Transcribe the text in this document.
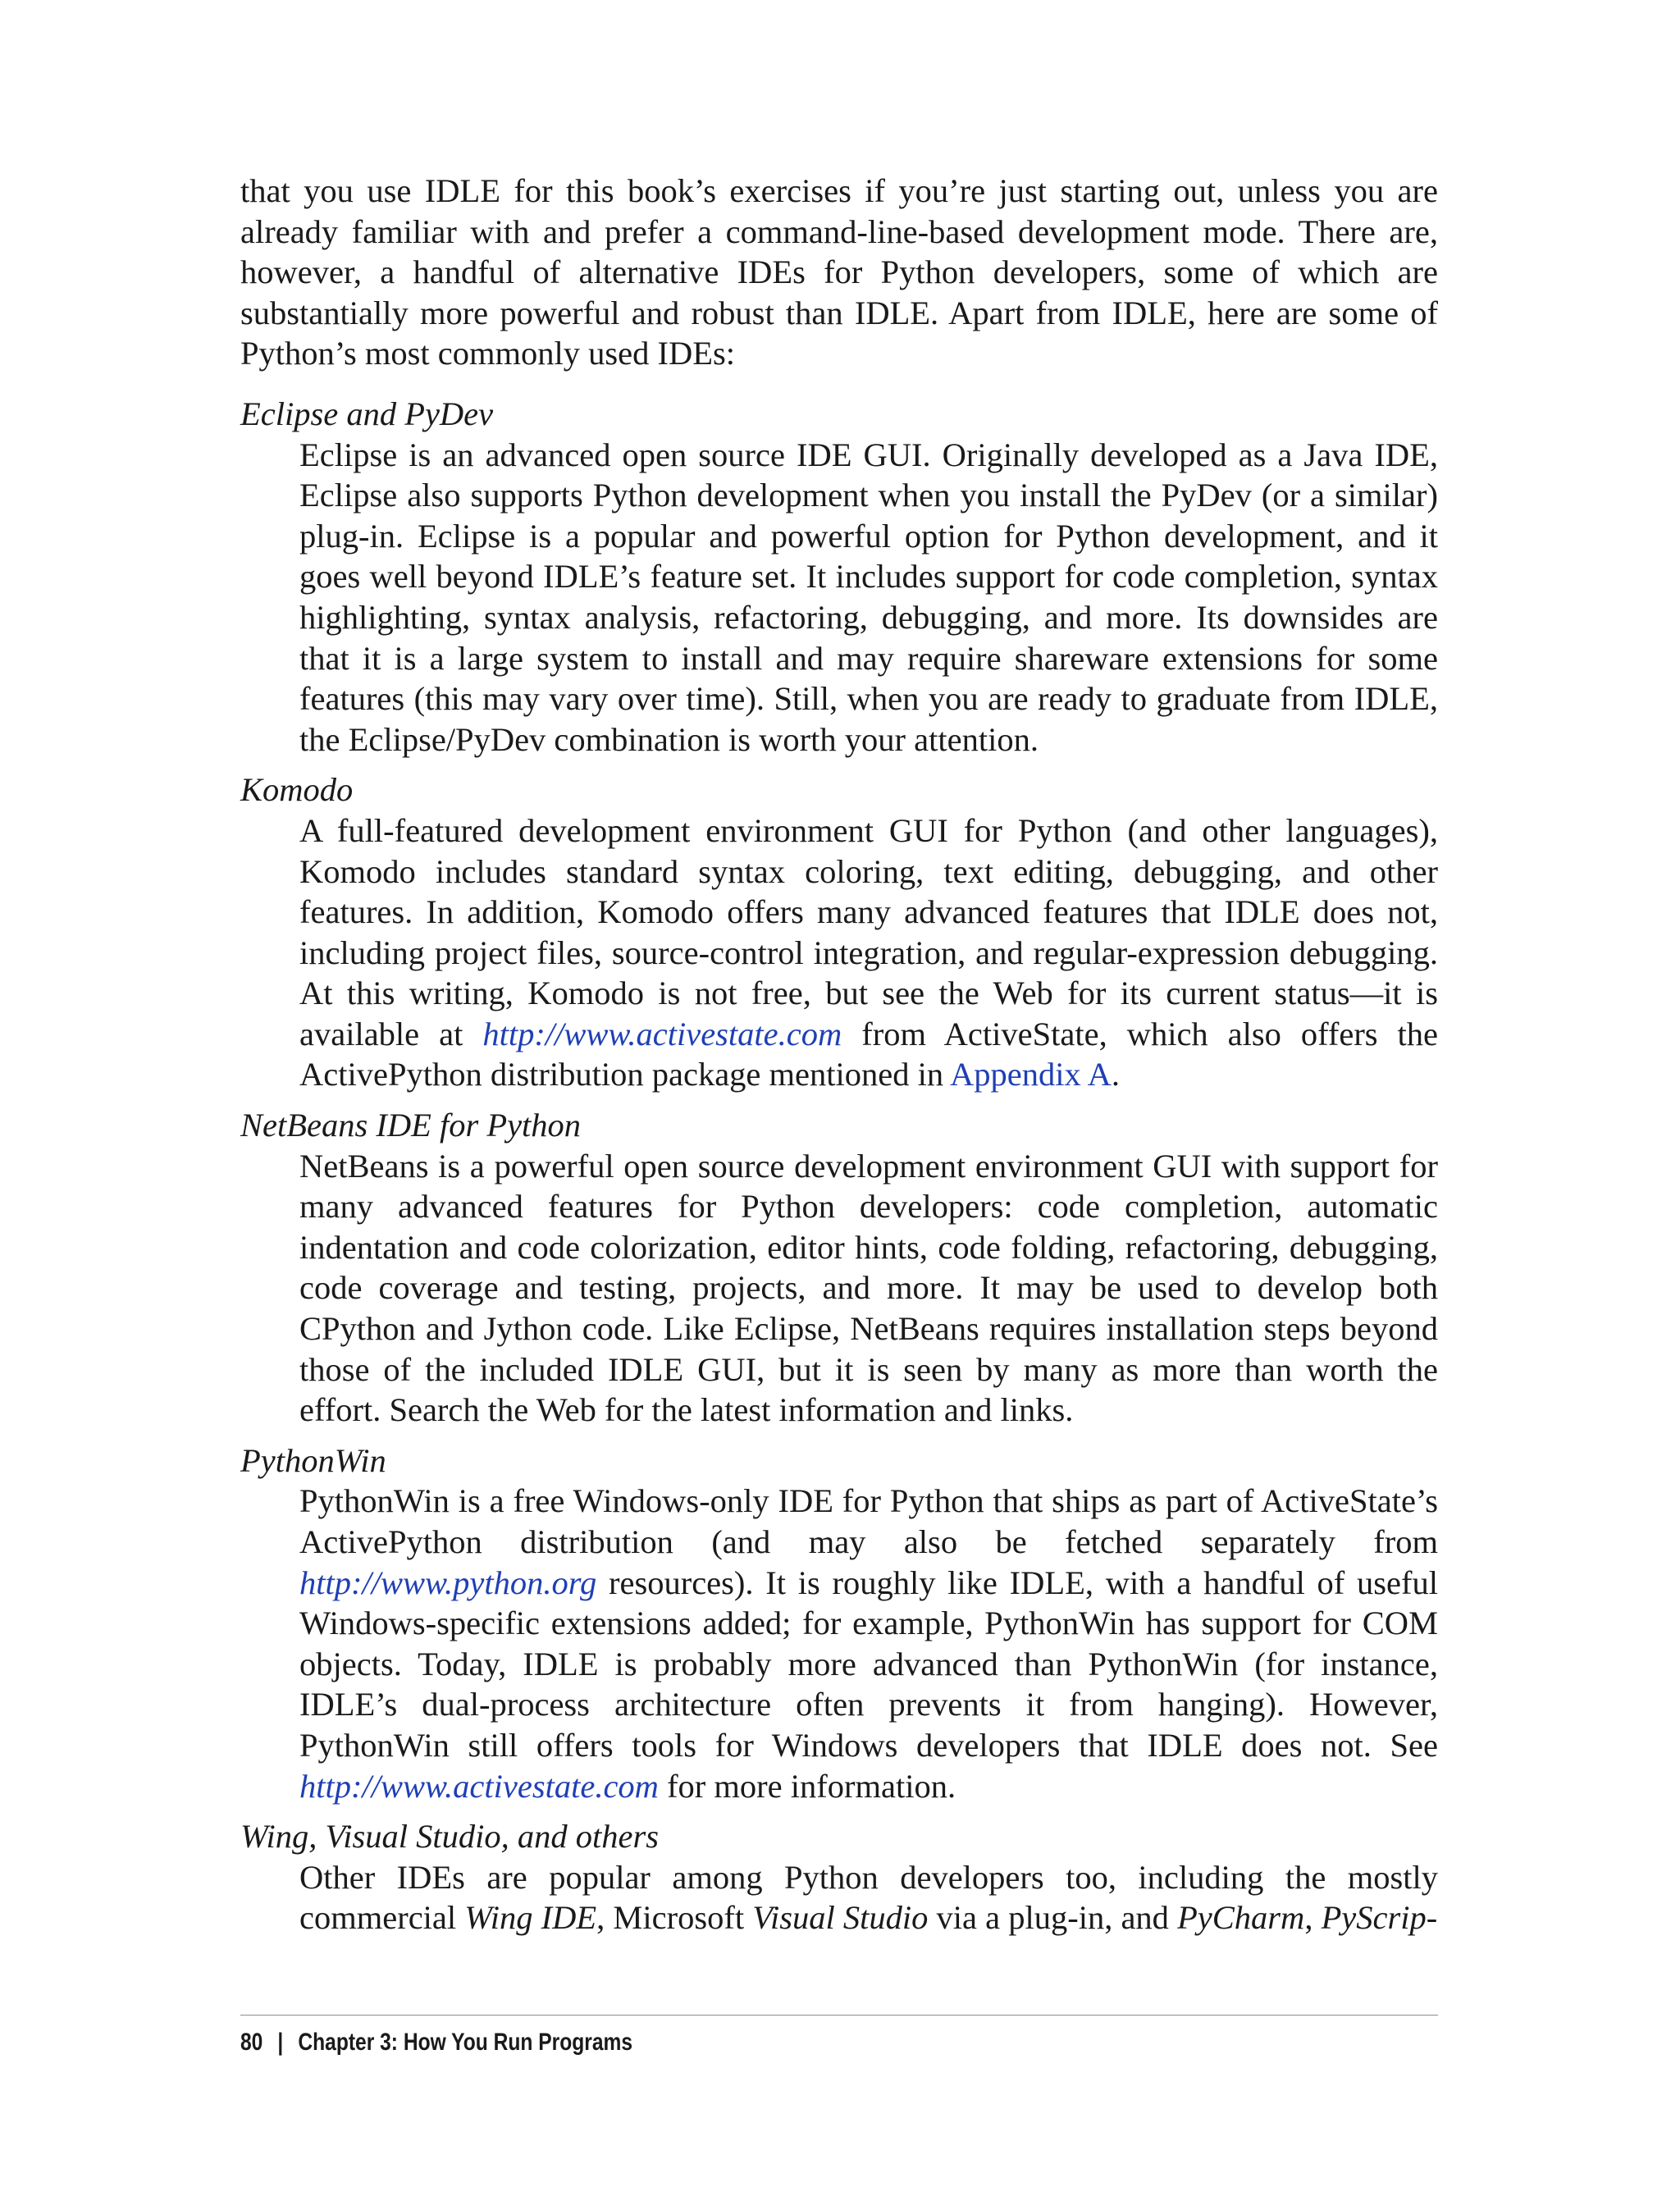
that you use IDLE for this book’s exercises if you’re just starting out, unless you are already familiar with and prefer a command-line-based development mode. There are, however, a handful of alternative IDEs for Python developers, some of which are substantially more powerful and robust than IDLE. Apart from IDLE, here are some of Python’s most commonly used IDEs:

Eclipse and PyDev

Eclipse is an advanced open source IDE GUI. Originally developed as a Java IDE, Eclipse also supports Python development when you install the PyDev (or a similar) plug-in. Eclipse is a popular and powerful option for Python development, and it goes well beyond IDLE’s feature set. It includes support for code completion, syntax highlighting, syntax analysis, refactoring, debugging, and more. Its downsides are that it is a large system to install and may require shareware extensions for some features (this may vary over time). Still, when you are ready to graduate from IDLE, the Eclipse/PyDev combination is worth your attention.

Komodo

A full-featured development environment GUI for Python (and other languages), Komodo includes standard syntax coloring, text editing, debugging, and other features. In addition, Komodo offers many advanced features that IDLE does not, including project files, source-control integration, and regular-expression debugging. At this writing, Komodo is not free, but see the Web for its current status—it is available at http://www.activestate.com from ActiveState, which also offers the ActivePython distribution package mentioned in Appendix A.

NetBeans IDE for Python

NetBeans is a powerful open source development environment GUI with support for many advanced features for Python developers: code completion, automatic indentation and code colorization, editor hints, code folding, refactoring, debugging, code coverage and testing, projects, and more. It may be used to develop both CPython and Jython code. Like Eclipse, NetBeans requires installation steps beyond those of the included IDLE GUI, but it is seen by many as more than worth the effort. Search the Web for the latest information and links.

PythonWin

PythonWin is a free Windows-only IDE for Python that ships as part of ActiveState’s ActivePython distribution (and may also be fetched separately from http://www.python.org resources). It is roughly like IDLE, with a handful of useful Windows-specific extensions added; for example, PythonWin has support for COM objects. Today, IDLE is probably more advanced than PythonWin (for instance, IDLE’s dual-process architecture often prevents it from hanging). However, PythonWin still offers tools for Windows developers that IDLE does not. See http://www.activestate.com for more information.

Wing, Visual Studio, and others

Other IDEs are popular among Python developers too, including the mostly commercial Wing IDE, Microsoft Visual Studio via a plug-in, and PyCharm, PyScrip-

80 | Chapter 3: How You Run Programs
